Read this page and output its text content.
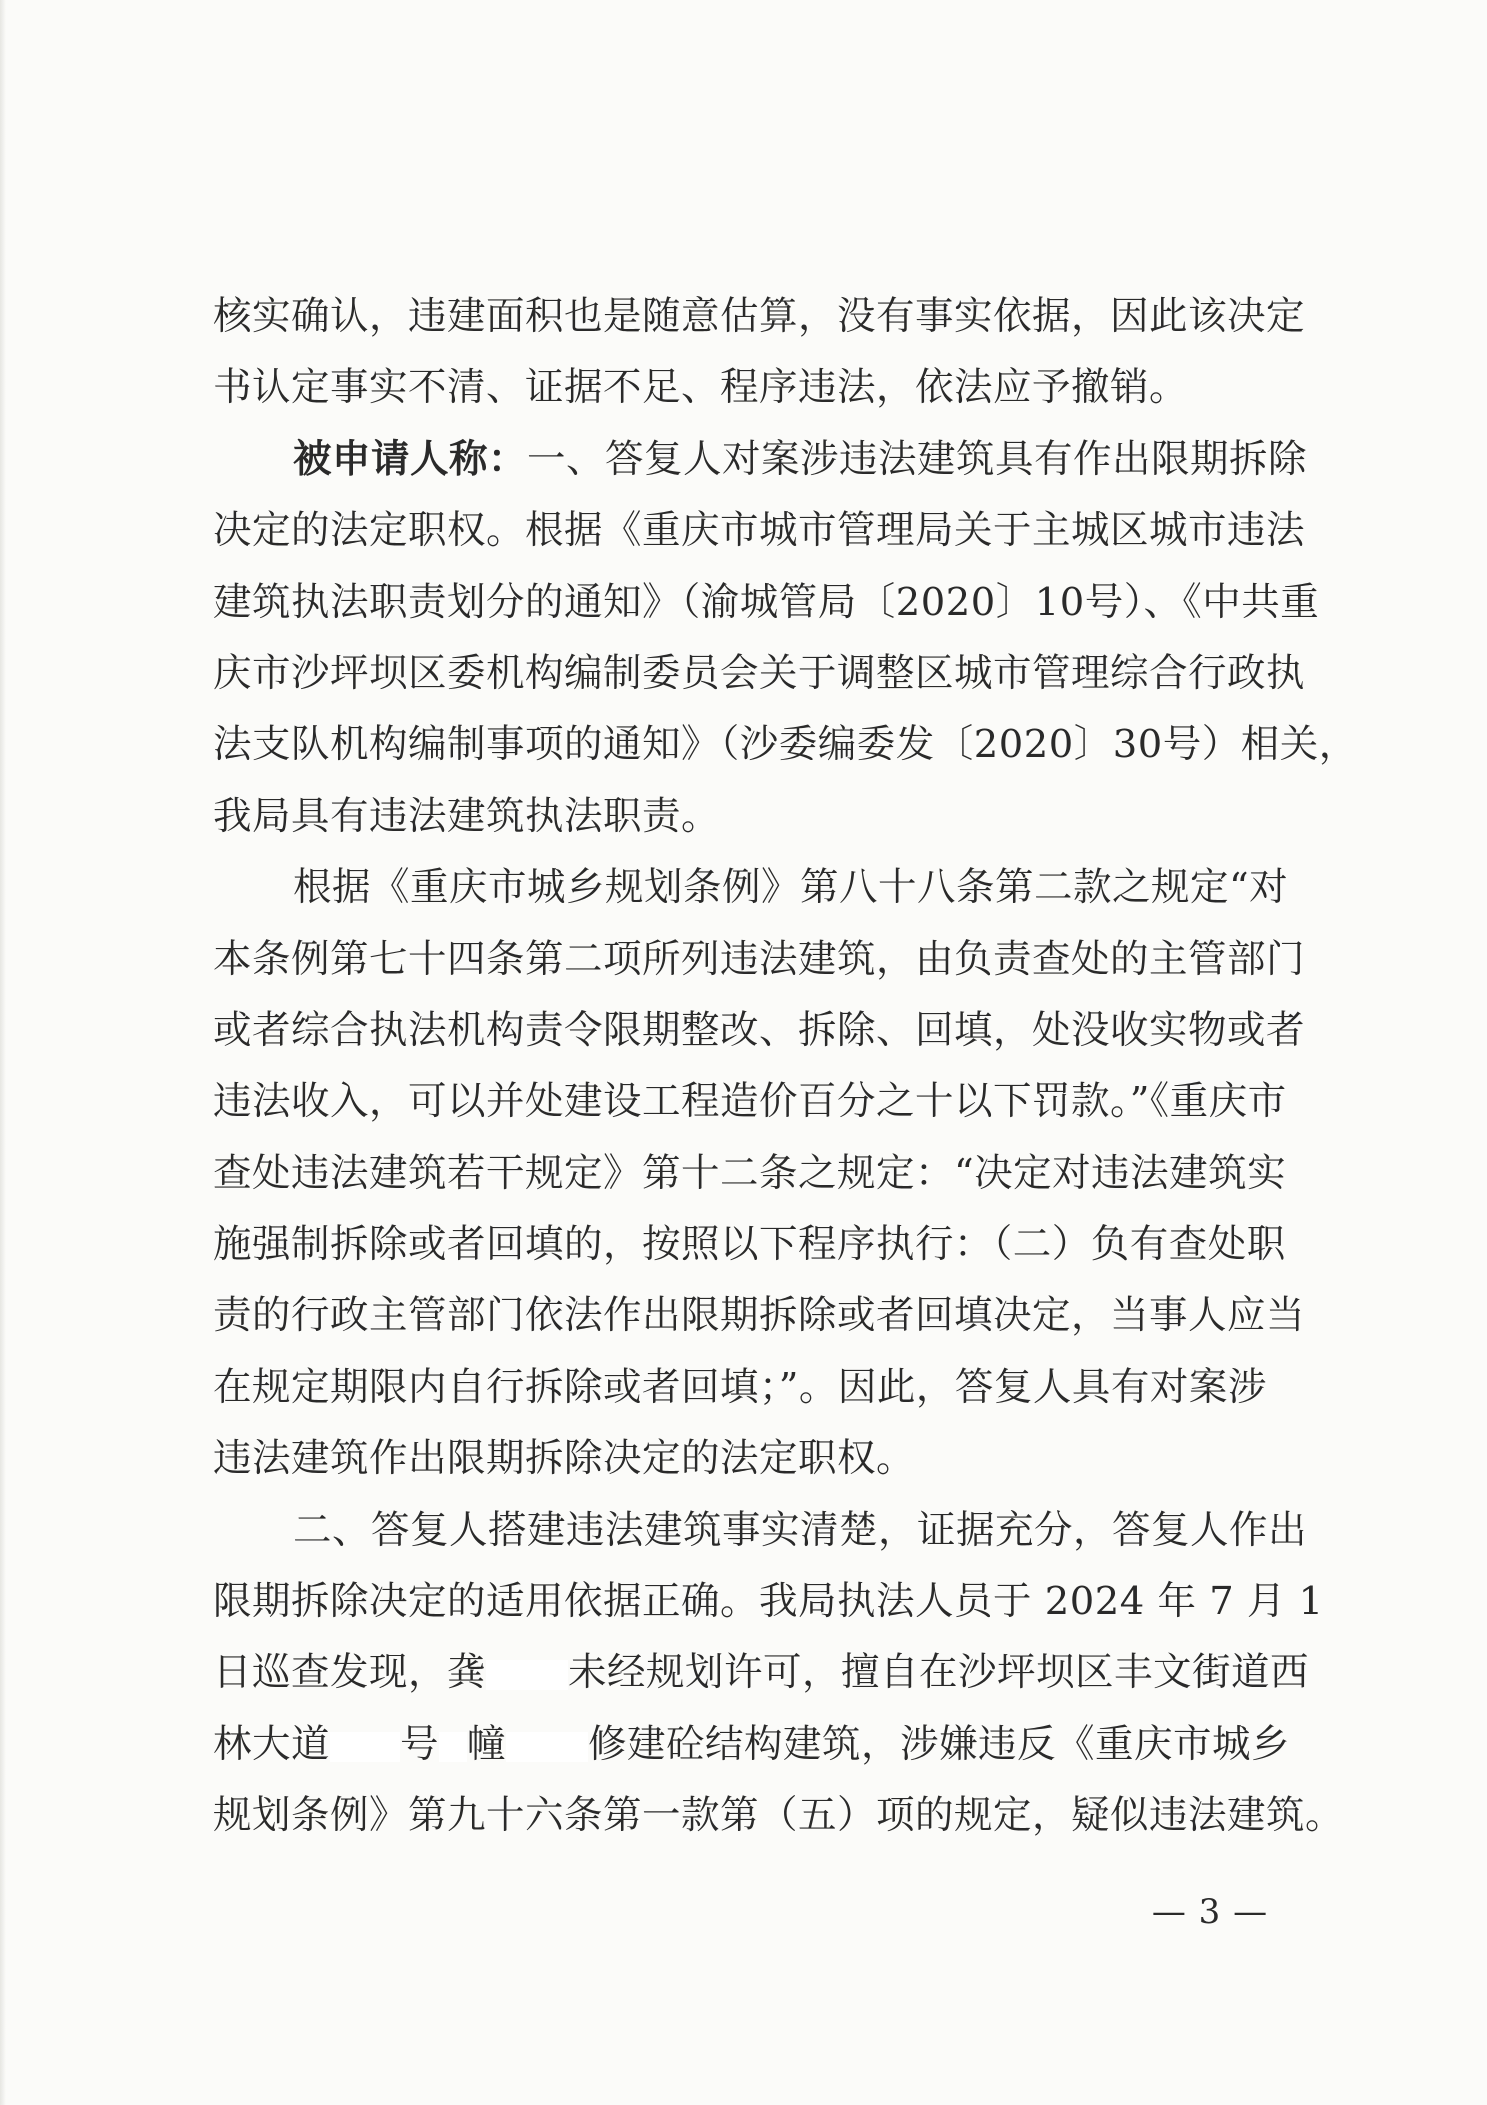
核实确认，违建面积也是随意估算，没有事实依据，因此该决定
书认定事实不清、证据不足、程序违法，依法应予撤销。
被申请人称：一、答复人对案涉违法建筑具有作出限期拆除
决定的法定职权。根据《重庆市城市管理局关于主城区城市违法
建筑执法职责划分的通知》（渝城管局〔2020〕10号）、《中共重
庆市沙坪坝区委机构编制委员会关于调整区城市管理综合行政执
法支队机构编制事项的通知》（沙委编委发〔2020〕30号）相关，
我局具有违法建筑执法职责。
根据《重庆市城乡规划条例》第八十八条第二款之规定“对
本条例第七十四条第二项所列违法建筑，由负责查处的主管部门
或者综合执法机构责令限期整改、拆除、回填，处没收实物或者
违法收入，可以并处建设工程造价百分之十以下罚款。”《重庆市
查处违法建筑若干规定》第十二条之规定：“决定对违法建筑实
施强制拆除或者回填的，按照以下程序执行：（二）负有查处职
责的行政主管部门依法作出限期拆除或者回填决定，当事人应当
在规定期限内自行拆除或者回填；”。因此，答复人具有对案涉
违法建筑作出限期拆除决定的法定职权。
二、答复人搭建违法建筑事实清楚，证据充分，答复人作出
限期拆除决定的适用依据正确。我局执法人员于 2024 年 7 月 1
日巡查发现，龚 未经规划许可，擅自在沙坪坝区丰文街道西
林大道 号 幢 修建砼结构建筑，涉嫌违反《重庆市城乡
规划条例》第九十六条第一款第（五）项的规定，疑似违法建筑。
— 3 —
